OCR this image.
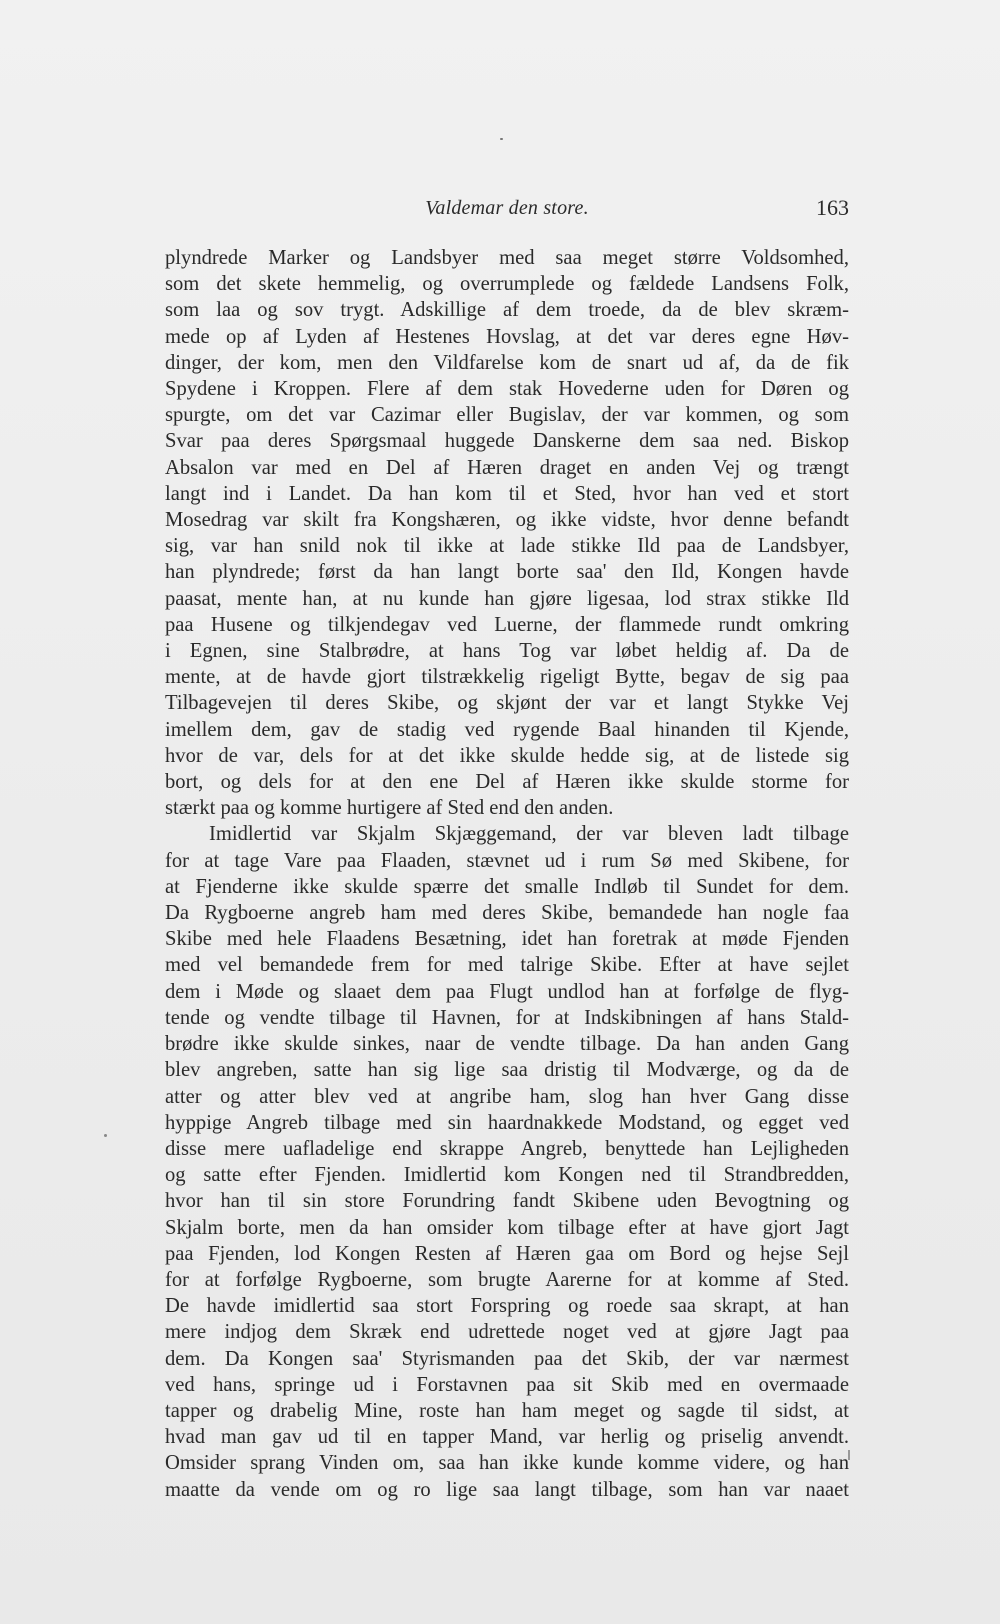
Valdemar den store.	163
plyndrede Marker og Landsbyer med saa meget større Voldsomhed,
som det skete hemmelig, og overrumplede og fældede Landsens Folk,
som laa og sov trygt. Adskillige af dem troede, da de blev skræm-
mede op af Lyden af Hestenes Hovslag, at det var deres egne Høv-
dinger, der kom, men den Vildfarelse kom de snart ud af, da de fik
Spydene i Kroppen. Flere af dem stak Hovederne uden for Døren og
spurgte, om det var Cazimar eller Bugislav, der var kommen, og som
Svar paa deres Spørgsmaal huggede Danskerne dem saa ned. Biskop
Absalon var med en Del af Hæren draget en anden Vej og trængt
langt ind i Landet. Da han kom til et Sted, hvor han ved et stort
Mosedrag var skilt fra Kongshæren, og ikke vidste, hvor denne befandt
sig, var han snild nok til ikke at lade stikke Ild paa de Landsbyer,
han plyndrede; først da han langt borte saa' den Ild, Kongen havde
paasat, mente han, at nu kunde han gjøre ligesaa, lod strax stikke Ild
paa Husene og tilkjendegav ved Luerne, der flammede rundt omkring
i Egnen, sine Stalbrødre, at hans Tog var løbet heldig af. Da de
mente, at de havde gjort tilstrækkelig rigeligt Bytte, begav de sig paa
Tilbagevejen til deres Skibe, og skjønt der var et langt Stykke Vej
imellem dem, gav de stadig ved rygende Baal hinanden til Kjende,
hvor de var, dels for at det ikke skulde hedde sig, at de listede sig
bort, og dels for at den ene Del af Hæren ikke skulde storme for
stærkt paa og komme hurtigere af Sted end den anden.
Imidlertid var Skjalm Skjæggemand, der var bleven ladt tilbage
for at tage Vare paa Flaaden, stævnet ud i rum Sø med Skibene, for
at Fjenderne ikke skulde spærre det smalle Indløb til Sundet for dem.
Da Rygboerne angreb ham med deres Skibe, bemandede han nogle faa
Skibe med hele Flaadens Besætning, idet han foretrak at møde Fjenden
med vel bemandede frem for med talrige Skibe. Efter at have sejlet
dem i Møde og slaaet dem paa Flugt undlod han at forfølge de flyg-
tende og vendte tilbage til Havnen, for at Indskibningen af hans Stald-
brødre ikke skulde sinkes, naar de vendte tilbage. Da han anden Gang
blev angreben, satte han sig lige saa dristig til Modværge, og da de
atter og atter blev ved at angribe ham, slog han hver Gang disse
hyppige Angreb tilbage med sin haardnakkede Modstand, og egget ved
disse mere uafladelige end skrappe Angreb, benyttede han Lejligheden
og satte efter Fjenden. Imidlertid kom Kongen ned til Strandbredden,
hvor han til sin store Forundring fandt Skibene uden Bevogtning og
Skjalm borte, men da han omsider kom tilbage efter at have gjort Jagt
paa Fjenden, lod Kongen Resten af Hæren gaa om Bord og hejse Sejl
for at forfølge Rygboerne, som brugte Aarerne for at komme af Sted.
De havde imidlertid saa stort Forspring og roede saa skrapt, at han
mere indjog dem Skræk end udrettede noget ved at gjøre Jagt paa
dem. Da Kongen saa' Styrismanden paa det Skib, der var nærmest
ved hans, springe ud i Forstavnen paa sit Skib med en overmaade
tapper og drabelig Mine, roste han ham meget og sagde til sidst, at
hvad man gav ud til en tapper Mand, var herlig og priselig anvendt.
Omsider sprang Vinden om, saa han ikke kunde komme videre, og han
maatte da vende om og ro lige saa langt tilbage, som han var naaet
